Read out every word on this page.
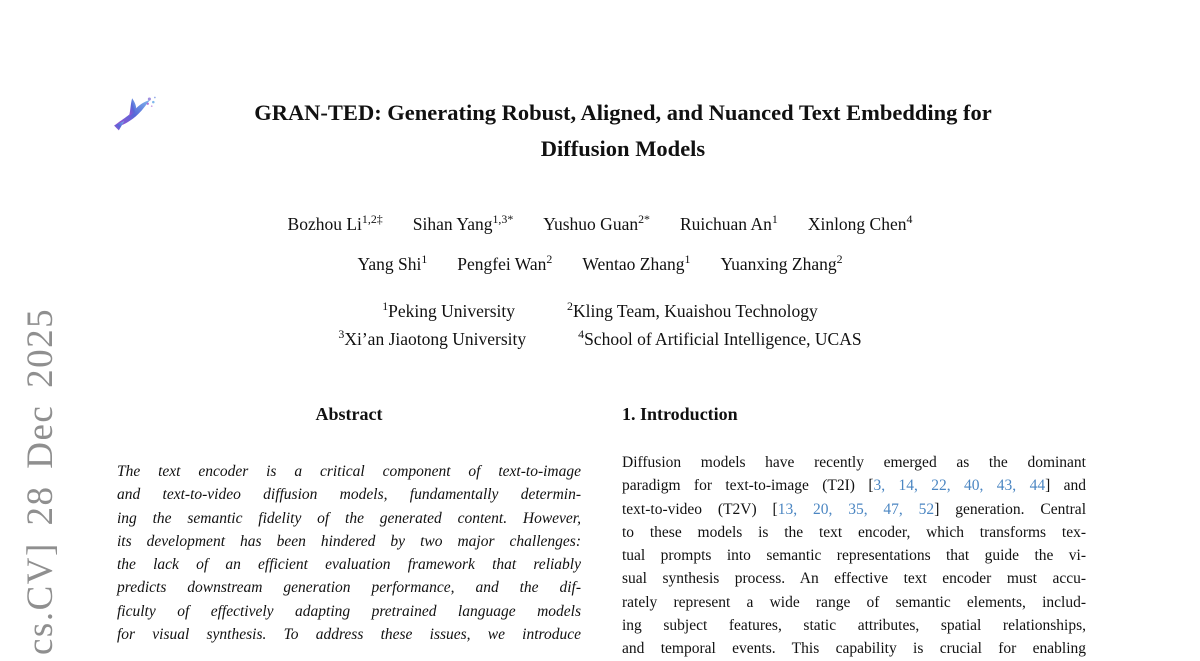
cs.CV] 28 Dec 2025
GRAN-TED: Generating Robust, Aligned, and Nuanced Text Embedding for
Diffusion Models
Bozhou $Li^{1,2\ddagger}$ Sihan Yang$^{1,3*}$ Yushuo Guan$^{2*}$ Ruichuan An$^1$ Xinlong Chen$^4$
Yang Shi$^1$ Pengfei Wan$^2$ Wentao Zhang$^1$ Yuanxing Zhang$^2$
$^1$Peking University	$^2$Kling Team, Kuaishou Technology
$^3$Xi’an Jiaotong University	$^4$School of Artificial Intelligence, UCAS
Abstract
The text encoder is a critical component of text-to-image
and text-to-video diffusion models, fundamentally determin-
ing the semantic fidelity of the generated content. However,
its development has been hindered by two major challenges:
the lack of an efficient evaluation framework that reliably
predicts downstream generation performance, and the dif-
ficulty of effectively adapting pretrained language models
for visual synthesis. To address these issues, we introduce
1. Introduction
Diffusion models have recently emerged as the dominant
paradigm for text-to-image (T2I) [3, 14, 22, 40, 43, 44] and
text-to-video (T2V) [13, 20, 35, 47, 52] generation. Central
to these models is the text encoder, which transforms tex-
tual prompts into semantic representations that guide the vi-
sual synthesis process. An effective text encoder must accu-
rately represent a wide range of semantic elements, includ-
ing subject features, static attributes, spatial relationships,
and temporal events. This capability is crucial for enabling
